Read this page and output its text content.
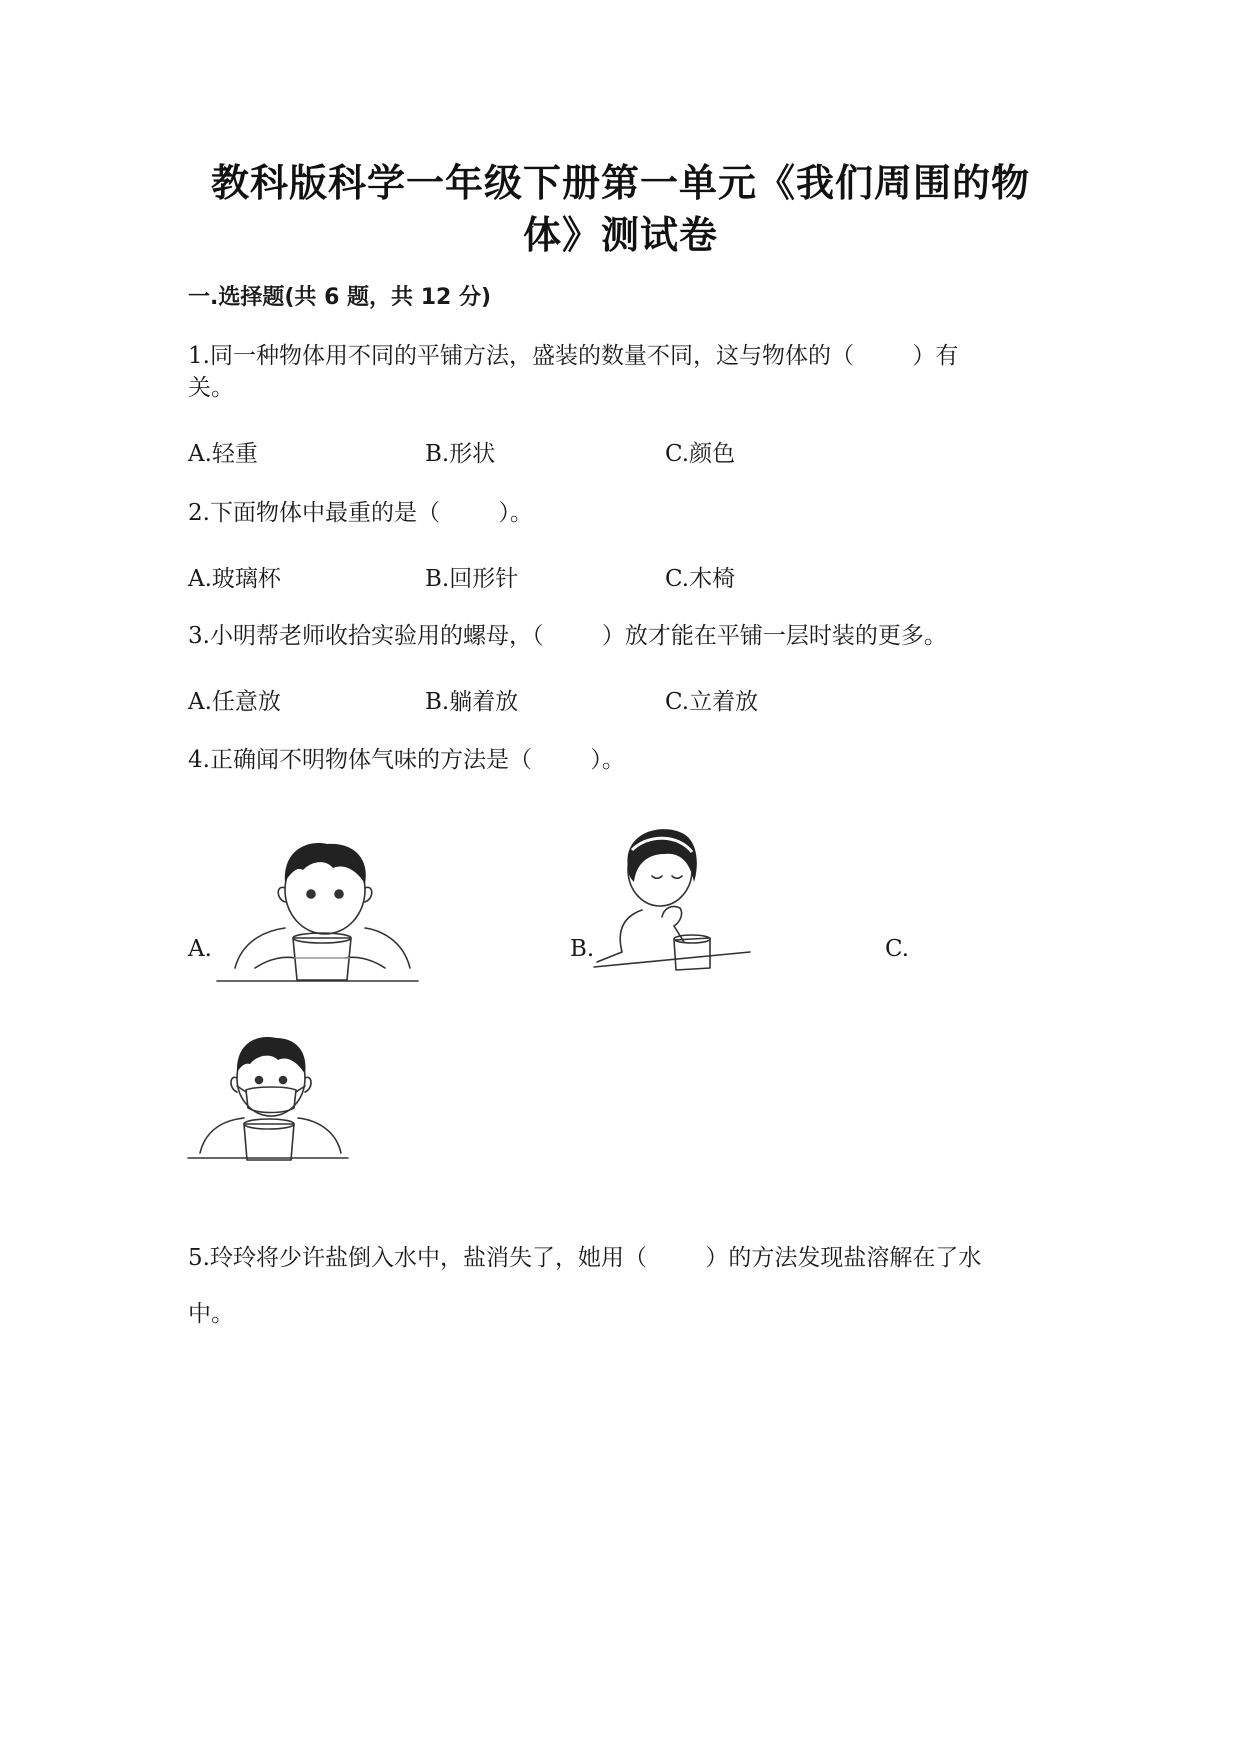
教科版科学一年级下册第一单元《我们周围的物
体》测试卷
一.选择题(共 6 题，共 12 分)
1.同一种物体用不同的平铺方法，盛装的数量不同，这与物体的（        ）有
关。
A.轻重	B.形状	C.颜色
2.下面物体中最重的是（        ）。
A.玻璃杯	B.回形针	C.木椅
3.小明帮老师收拾实验用的螺母，（        ）放才能在平铺一层时装的更多。
A.任意放	B.躺着放	C.立着放
4.正确闻不明物体气味的方法是（        ）。
A.	B.	C.
5.玲玲将少许盐倒入水中，盐消失了，她用（        ）的方法发现盐溶解在了水
中。
